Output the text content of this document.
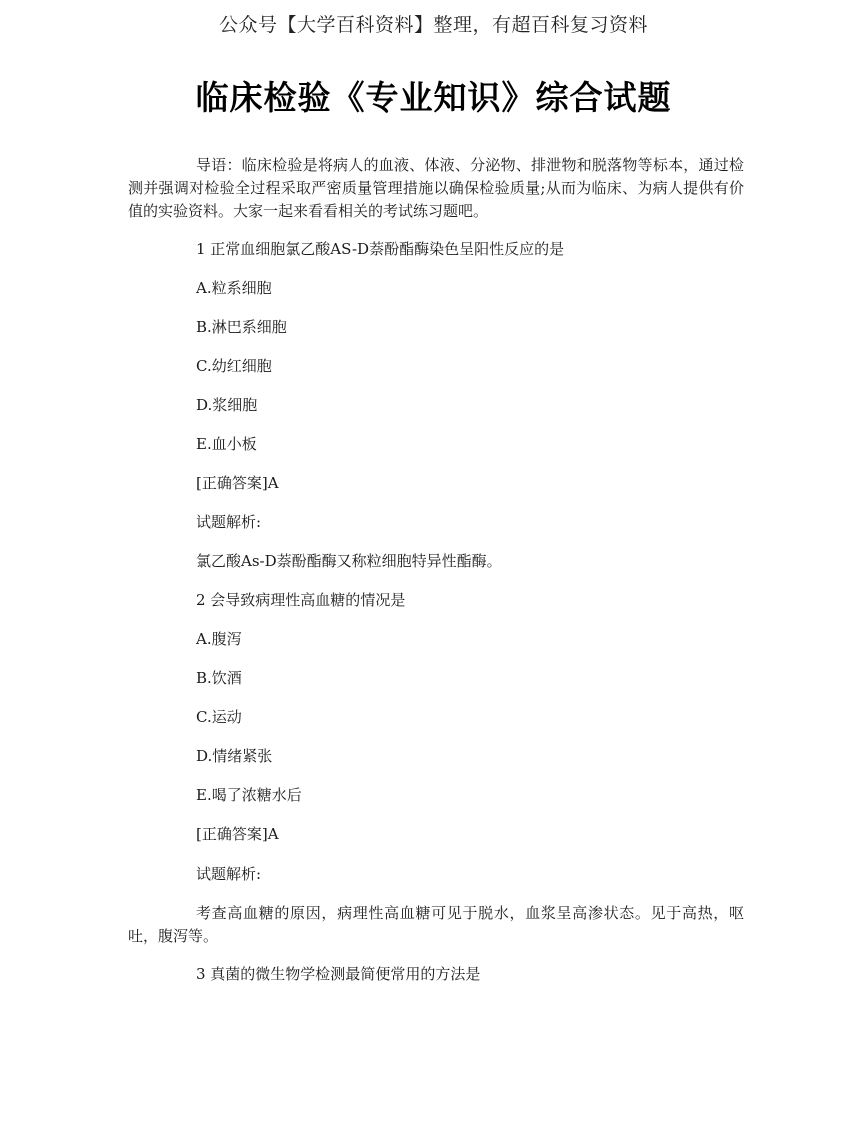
公众号【大学百科资料】整理，有超百科复习资料
临床检验《专业知识》综合试题
导语：临床检验是将病人的血液、体液、分泌物、排泄物和脱落物等标本，通过检测并强调对检验全过程采取严密质量管理措施以确保检验质量;从而为临床、为病人提供有价值的实验资料。大家一起来看看相关的考试练习题吧。
1 正常血细胞氯乙酸AS-D萘酚酯酶染色呈阳性反应的是
A.粒系细胞
B.淋巴系细胞
C.幼红细胞
D.浆细胞
E.血小板
[正确答案]A
试题解析:
氯乙酸As-D萘酚酯酶又称粒细胞特异性酯酶。
2 会导致病理性高血糖的情况是
A.腹泻
B.饮酒
C.运动
D.情绪紧张
E.喝了浓糖水后
[正确答案]A
试题解析:
考查高血糖的原因，病理性高血糖可见于脱水，血浆呈高渗状态。见于高热，呕吐，腹泻等。
3 真菌的微生物学检测最简便常用的方法是
